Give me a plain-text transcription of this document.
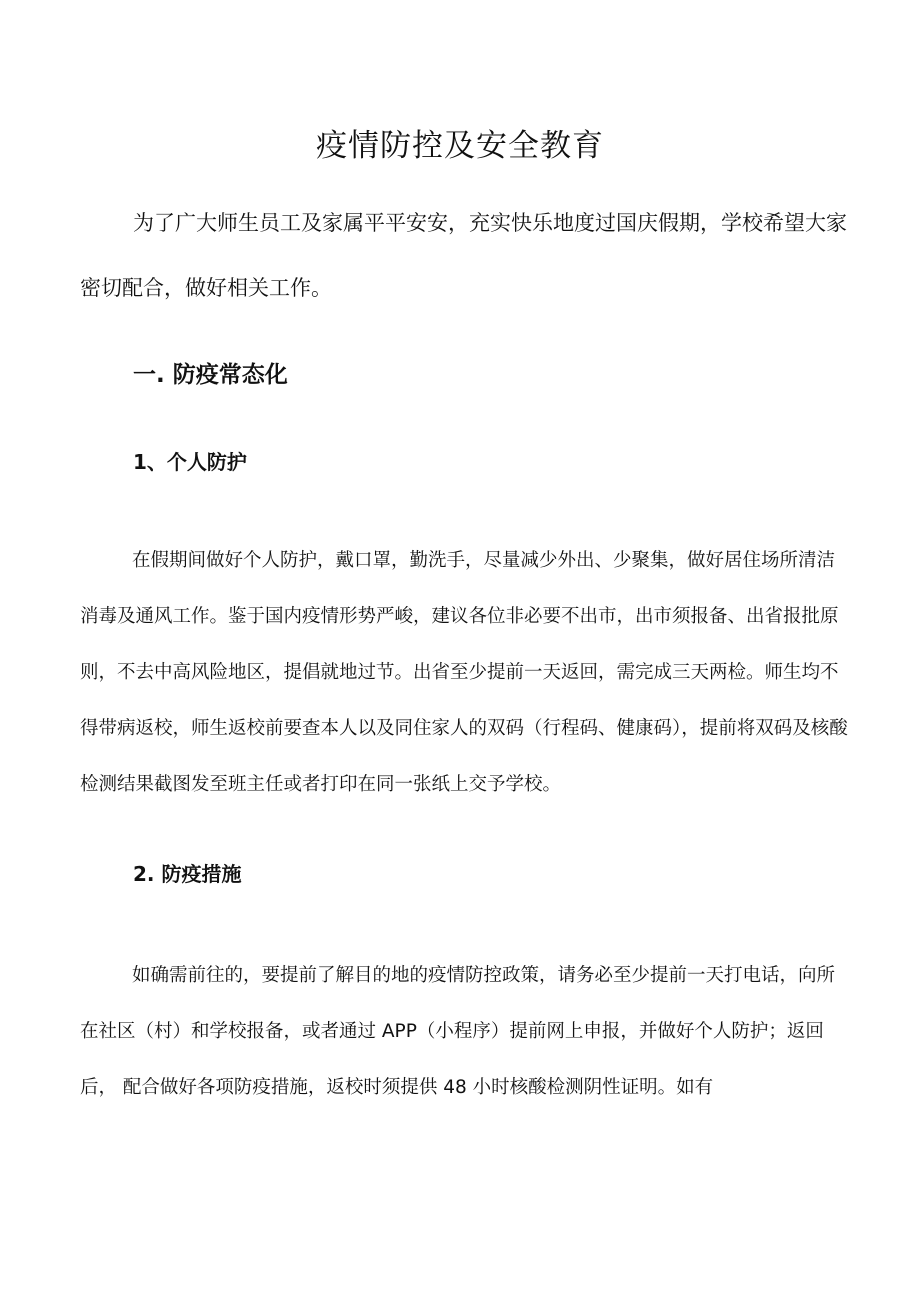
疫情防控及安全教育

为了广大师生员工及家属平平安安，充实快乐地度过国庆假期，学校希望大家密切配合，做好相关工作。

一. 防疫常态化
1、个人防护

在假期间做好个人防护，戴口罩，勤洗手，尽量减少外出、少聚集，做好居住场所清洁消毒及通风工作。鉴于国内疫情形势严峻，建议各位非必要不出市，出市须报备、出省报批原则，不去中高风险地区，提倡就地过节。出省至少提前一天返回，需完成三天两检。师生均不得带病返校，师生返校前要查本人以及同住家人的双码（行程码、健康码），提前将双码及核酸检测结果截图发至班主任或者打印在同一张纸上交予学校。

2. 防疫措施

如确需前往的，要提前了解目的地的疫情防控政策，请务必至少提前一天打电话，向所在社区（村）和学校报备，或者通过 APP（小程序）提前网上申报，并做好个人防护；返回后， 配合做好各项防疫措施，返校时须提供 48 小时核酸检测阴性证明。如有
